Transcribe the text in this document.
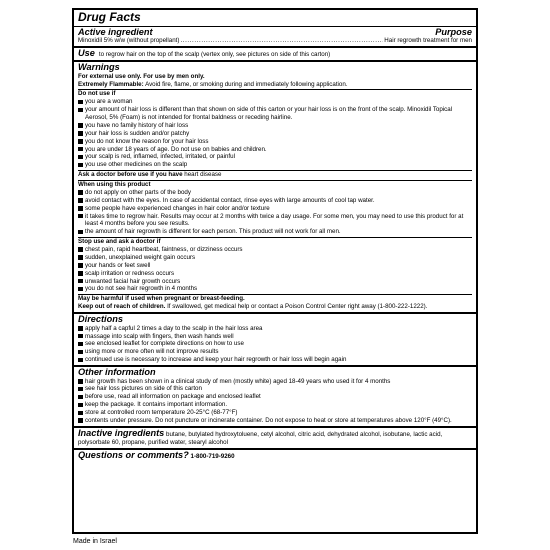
Drug Facts
Active ingredient	Purpose
Minoxidil 5% w/w (without propellant)
.....	Hair regrowth treatment for men
Use to regrow hair on the top of the scalp (vertex only, see pictures on side of this carton)
Warnings
For external use only. For use by men only.
Extremely Flammable: Avoid fire, flame, or smoking during and immediately following application.
Do not use if
you are a woman
your amount of hair loss is different than that shown on side of this carton or your hair loss is on the front of the scalp. Minoxidil Topical Aerosol, 5% (Foam) is not intended for frontal baldness or receding hairline.
you have no family history of hair loss
your hair loss is sudden and/or patchy
you do not know the reason for your hair loss
you are under 18 years of age. Do not use on babies and children.
your scalp is red, inflamed, infected, irritated, or painful
you use other medicines on the scalp
Ask a doctor before use if you have heart disease
When using this product
do not apply on other parts of the body
avoid contact with the eyes. In case of accidental contact, rinse eyes with large amounts of cool tap water.
some people have experienced changes in hair color and/or texture
it takes time to regrow hair. Results may occur at 2 months with twice a day usage. For some men, you may need to use this product for at least 4 months before you see results.
the amount of hair regrowth is different for each person. This product will not work for all men.
Stop use and ask a doctor if
chest pain, rapid heartbeat, faintness, or dizziness occurs
sudden, unexplained weight gain occurs
your hands or feet swell
scalp irritation or redness occurs
unwanted facial hair growth occurs
you do not see hair regrowth in 4 months
May be harmful if used when pregnant or breast-feeding.
Keep out of reach of children. If swallowed, get medical help or contact a Poison Control Center right away (1-800-222-1222).
Directions
apply half a capful 2 times a day to the scalp in the hair loss area
massage into scalp with fingers, then wash hands well
see enclosed leaflet for complete directions on how to use
using more or more often will not improve results
continued use is necessary to increase and keep your hair regrowth or hair loss will begin again
Other information
hair growth has been shown in a clinical study of men (mostly white) aged 18-49 years who used it for 4 months
see hair loss pictures on side of this carton
before use, read all information on package and enclosed leaflet
keep the package. It contains important information.
store at controlled room temperature 20-25°C (68-77°F)
contents under pressure. Do not puncture or incinerate container. Do not expose to heat or store at temperatures above 120°F (49°C).
Inactive ingredients butane, butylated hydroxytoluene, cetyl alcohol, citric acid, dehydrated alcohol, isobutane, lactic acid, polysorbate 60, propane, purified water, stearyl alcohol
Questions or comments? 1-800-719-9260
Made in Israel
